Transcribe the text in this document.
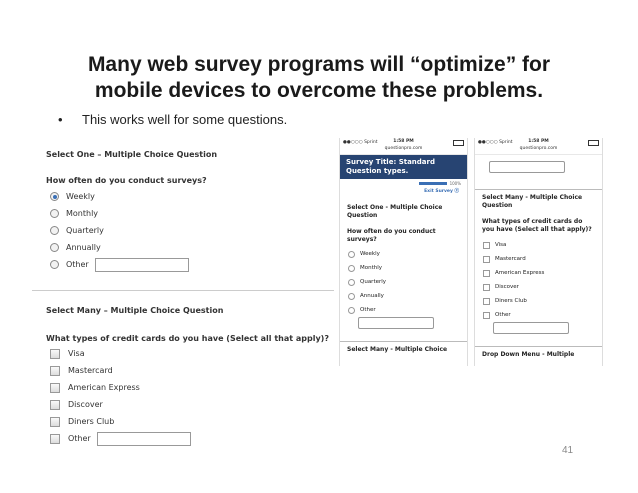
Many web survey programs will “optimize” for
mobile devices to overcome these problems.
• This works well for some questions.
Select One – Multiple Choice Question
How often do you conduct surveys?
Weekly
Monthly
Quarterly
Annually
Other
Select Many – Multiple Choice Question
What types of credit cards do you have (Select all that apply)?
Visa
Mastercard
American Express
Discover
Diners Club
Other
●●○○○ Sprint	1:58 PM
questionpro.com
Survey Title: Standard Question types.
100%
Exit Survey ⓧ
Select One - Multiple Choice Question
How often do you conduct surveys?
Weekly
Monthly
Quarterly
Annually
Other
Select Many - Multiple Choice
●●○○○ Sprint	1:58 PM
questionpro.com
Select Many - Multiple Choice Question
What types of credit cards do you have (Select all that apply)?
Visa
Mastercard
American Express
Discover
Diners Club
Other
Drop Down Menu - Multiple
41
